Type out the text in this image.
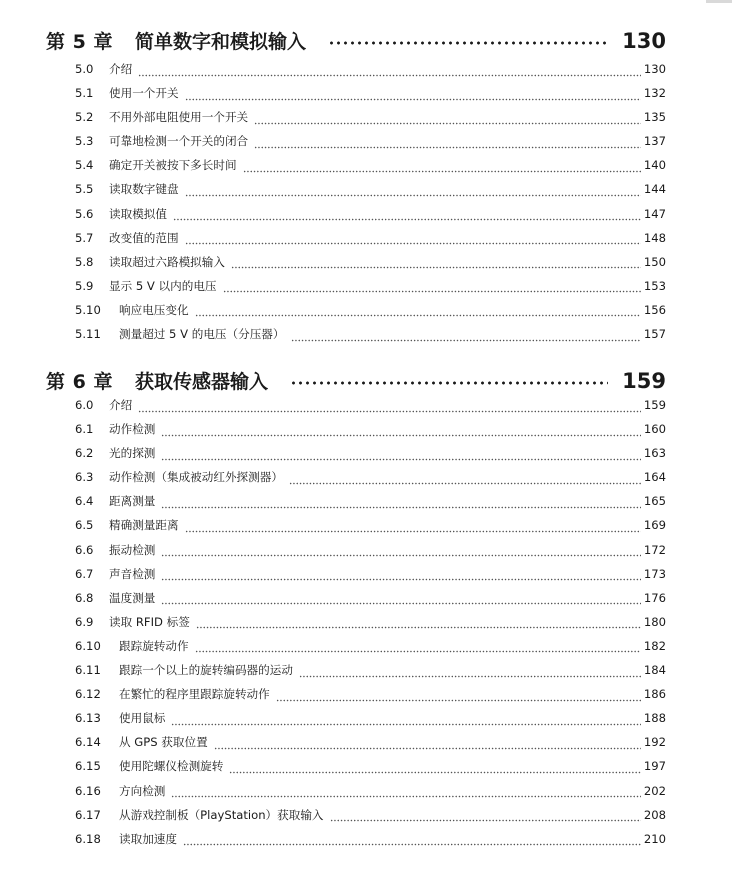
第 5 章 简单数字和模拟输入	130
5.0	介绍	130
5.1	使用一个开关	132
5.2	不用外部电阻使用一个开关	135
5.3	可靠地检测一个开关的闭合	137
5.4	确定开关被按下多长时间	140
5.5	读取数字键盘	144
5.6	读取模拟值	147
5.7	改变值的范围	148
5.8	读取超过六路模拟输入	150
5.9	显示 5 V 以内的电压	153
5.10	响应电压变化	156
5.11	测量超过 5 V 的电压（分压器）	157
第 6 章 获取传感器输入	159
6.0	介绍	159
6.1	动作检测	160
6.2	光的探测	163
6.3	动作检测（集成被动红外探测器）	164
6.4	距离测量	165
6.5	精确测量距离	169
6.6	振动检测	172
6.7	声音检测	173
6.8	温度测量	176
6.9	读取 RFID 标签	180
6.10	跟踪旋转动作	182
6.11	跟踪一个以上的旋转编码器的运动	184
6.12	在繁忙的程序里跟踪旋转动作	186
6.13	使用鼠标	188
6.14	从 GPS 获取位置	192
6.15	使用陀螺仪检测旋转	197
6.16	方向检测	202
6.17	从游戏控制板（PlayStation）获取输入	208
6.18	读取加速度	210
